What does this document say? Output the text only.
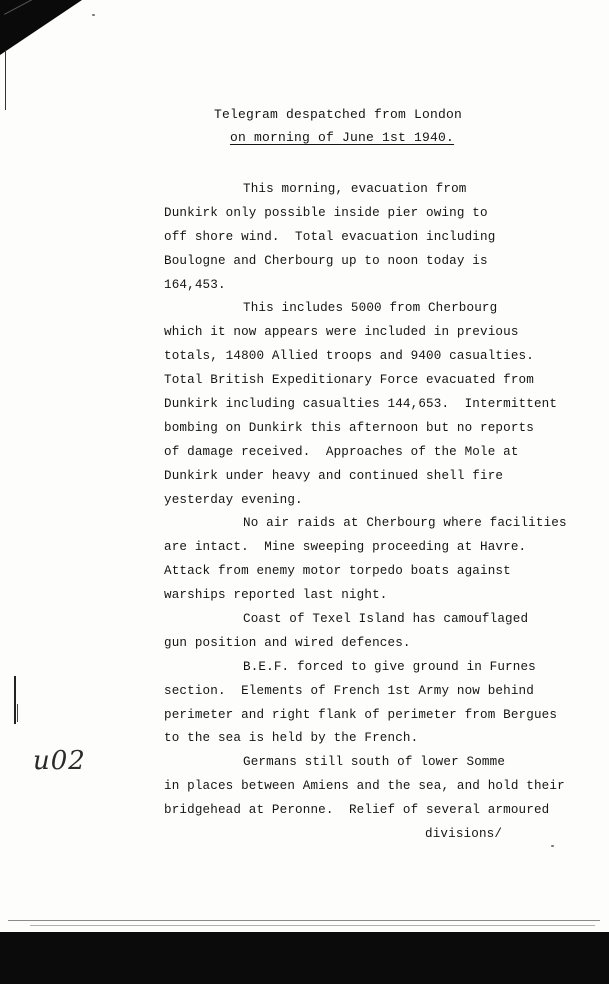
Telegram despatched from London
on morning of June 1st 1940.
This morning, evacuation from
Dunkirk only possible inside pier owing to
off shore wind.  Total evacuation including
Boulogne and Cherbourg up to noon today is
164,453.
This includes 5000 from Cherbourg
which it now appears were included in previous
totals, 14800 Allied troops and 9400 casualties.
Total British Expeditionary Force evacuated from
Dunkirk including casualties 144,653.  Intermittent
bombing on Dunkirk this afternoon but no reports
of damage received.  Approaches of the Mole at
Dunkirk under heavy and continued shell fire
yesterday evening.
No air raids at Cherbourg where facilities
are intact.  Mine sweeping proceeding at Havre.
Attack from enemy motor torpedo boats against
warships reported last night.
Coast of Texel Island has camouflaged
gun position and wired defences.
B.E.F. forced to give ground in Furnes
section.  Elements of French 1st Army now behind
perimeter and right flank of perimeter from Bergues
to the sea is held by the French.
Germans still south of lower Somme
in places between Amiens and the sea, and hold their
bridgehead at Peronne.  Relief of several armoured
divisions/
u02
